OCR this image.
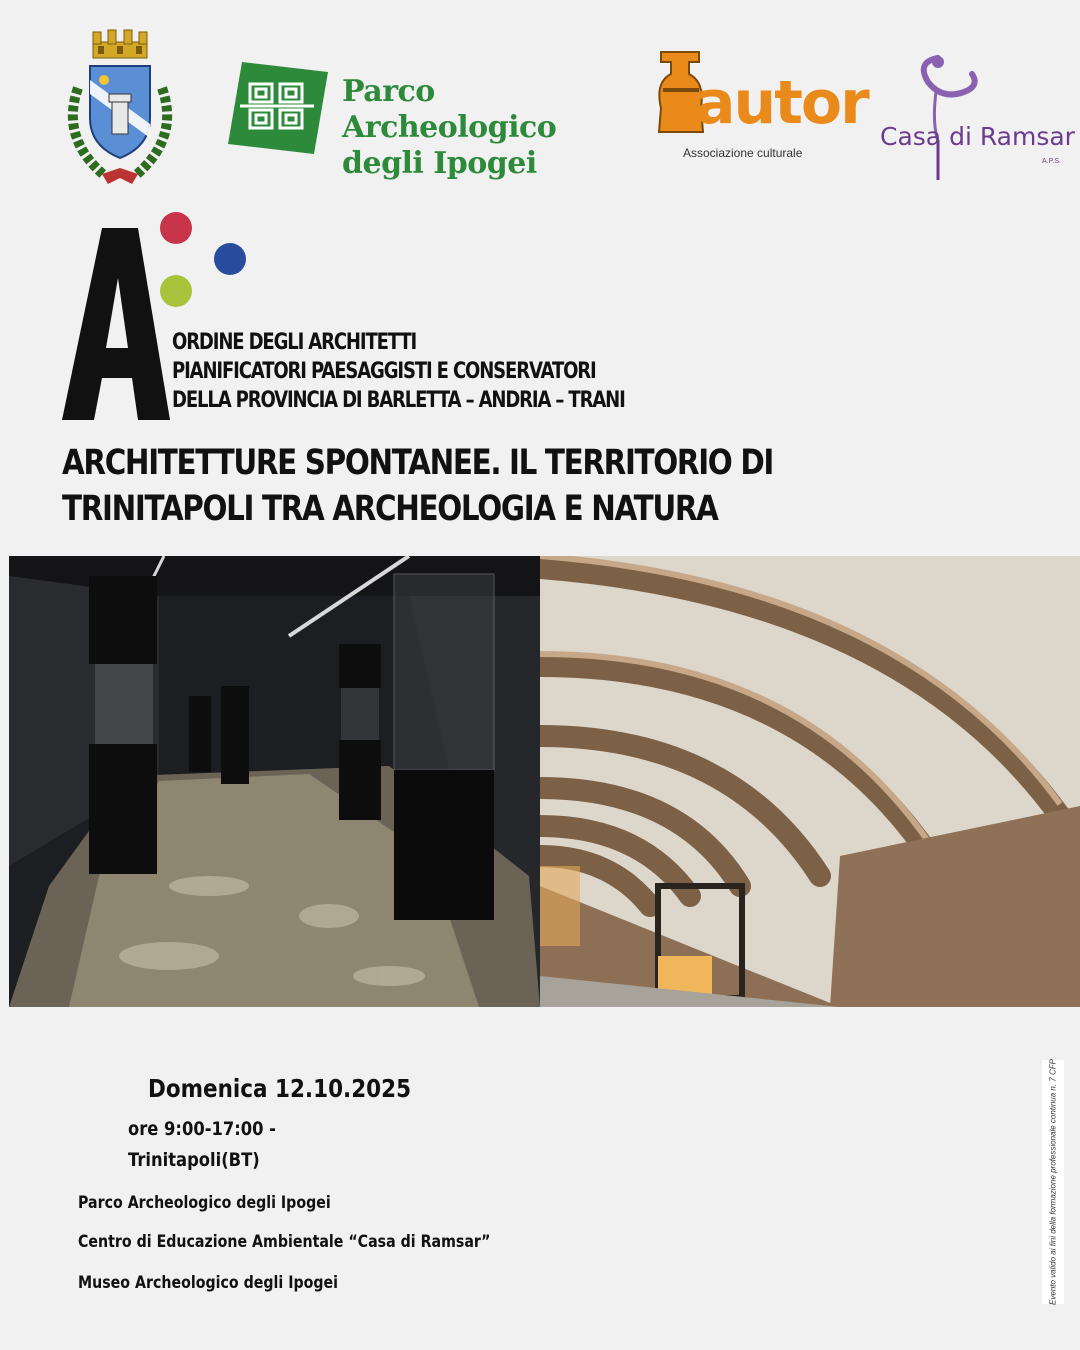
Parco Archeologico
degli Ipogei
autor
Associazione culturale
Casa di Ramsar
A.P.S.
ORDINE DEGLI ARCHITETTI
PIANIFICATORI PAESAGGISTI E CONSERVATORI
DELLA PROVINCIA DI BARLETTA – ANDRIA – TRANI
ARCHITETTURE SPONTANEE. IL TERRITORIO DI
TRINITAPOLI TRA ARCHEOLOGIA E NATURA
Domenica 12.10.2025
ore 9:00-17:00 -
Trinitapoli(BT)
Parco Archeologico degli Ipogei
Centro di Educazione Ambientale “Casa di Ramsar”
Museo Archeologico degli Ipogei	Evento valido ai fini della formazione professionale continua n. 7 CFP
